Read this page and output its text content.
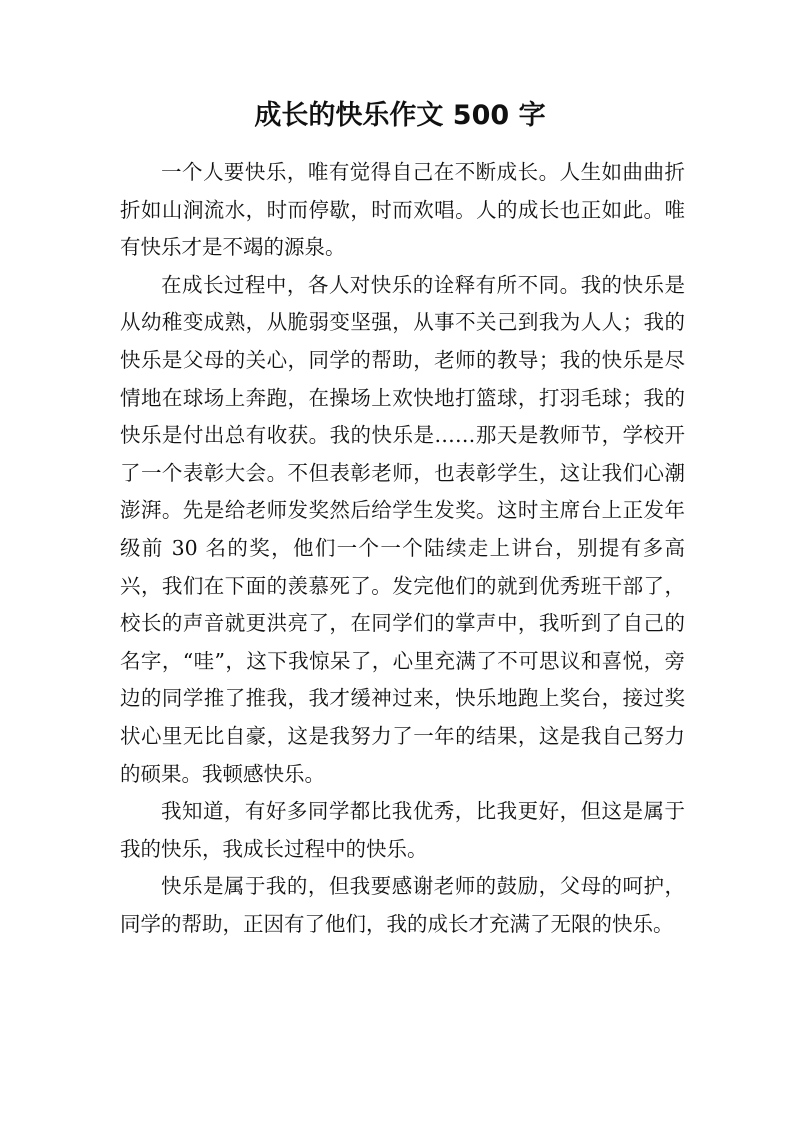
成长的快乐作文 500 字

一个人要快乐，唯有觉得自己在不断成长。人生如曲曲折折如山涧流水，时而停歇，时而欢唱。人的成长也正如此。唯有快乐才是不竭的源泉。

在成长过程中，各人对快乐的诠释有所不同。我的快乐是从幼稚变成熟，从脆弱变坚强，从事不关己到我为人人；我的快乐是父母的关心，同学的帮助，老师的教导；我的快乐是尽情地在球场上奔跑，在操场上欢快地打篮球，打羽毛球；我的快乐是付出总有收获。我的快乐是……那天是教师节，学校开了一个表彰大会。不但表彰老师，也表彰学生，这让我们心潮澎湃。先是给老师发奖然后给学生发奖。这时主席台上正发年级前 30 名的奖，他们一个一个陆续走上讲台，别提有多高兴，我们在下面的羡慕死了。发完他们的就到优秀班干部了，校长的声音就更洪亮了，在同学们的掌声中，我听到了自己的名字，“哇”，这下我惊呆了，心里充满了不可思议和喜悦，旁边的同学推了推我，我才缓神过来，快乐地跑上奖台，接过奖状心里无比自豪，这是我努力了一年的结果，这是我自己努力的硕果。我顿感快乐。

我知道，有好多同学都比我优秀，比我更好，但这是属于我的快乐，我成长过程中的快乐。

快乐是属于我的，但我要感谢老师的鼓励，父母的呵护，同学的帮助，正因有了他们，我的成长才充满了无限的快乐。
